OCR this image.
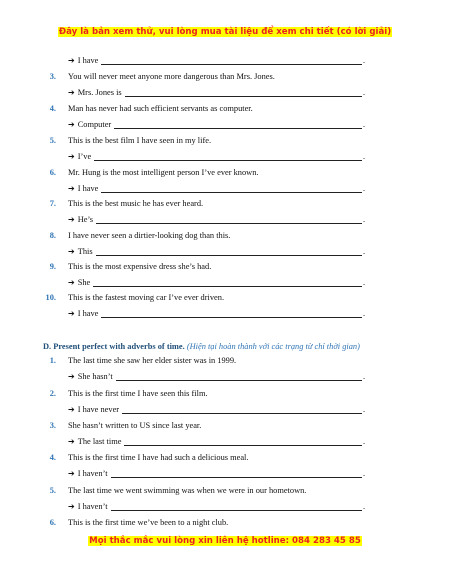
Đây là bản xem thử, vui lòng mua tài liệu để xem chi tiết (có lời giải)
➔ I have	.
3. You will never meet anyone more dangerous than Mrs. Jones.
➔ Mrs. Jones is	.
4. Man has never had such efficient servants as computer.
➔ Computer	.
5. This is the best film I have seen in my life.
➔ I’ve	.
6. Mr. Hung is the most intelligent person I’ve ever known.
➔ I have	.
7. This is the best music he has ever heard.
➔ He’s	.
8. I have never seen a dirtier-looking dog than this.
➔ This	.
9. This is the most expensive dress she’s had.
➔ She	.
10. This is the fastest moving car I’ve ever driven.
➔ I have	.
1. The last time she saw her elder sister was in 1999.
➔ She hasn’t	.
2. This is the first time I have seen this film.
➔ I have never	.
3. She hasn’t written to US since last year.
➔ The last time	.
4. This is the first time I have had such a delicious meal.
➔ I haven’t	.
5. The last time we went swimming was when we were in our hometown.
➔ I haven’t	.
6. This is the first time we’ve been to a night club.
D. Present perfect with adverbs of time. (Hiện tại hoàn thành với các trạng từ chỉ thời gian)
Mọi thắc mắc vui lòng xin liên hệ hotline: 084 283 45 85
